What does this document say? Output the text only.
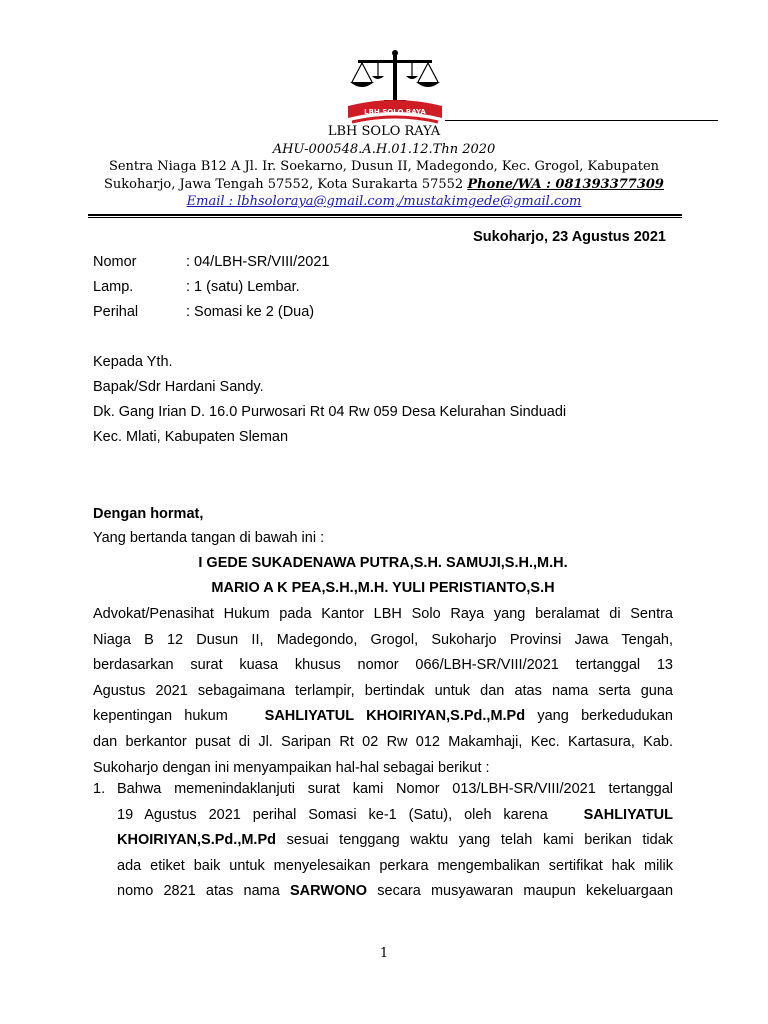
LBH SOLO RAYA
LBH SOLO RAYA
AHU-000548.A.H.01.12.Thn 2020
Sentra Niaga B12 A Jl. Ir. Soekarno, Dusun II, Madegondo, Kec. Grogol, Kabupaten
Sukoharjo, Jawa Tengah 57552, Kota Surakarta 57552 Phone/WA : 081393377309
Email : lbhsoloraya@gmail.com,/mustakimgede@gmail.com
Sukoharjo, 23 Agustus 2021
Nomor	: 04/LBH-SR/VIII/2021
Lamp.	: 1 (satu) Lembar.
Perihal	: Somasi ke 2 (Dua)
Kepada Yth.
Bapak/Sdr Hardani Sandy.
Dk. Gang Irian D. 16.0 Purwosari Rt 04 Rw 059 Desa Kelurahan Sinduadi
Kec. Mlati, Kabupaten Sleman
Dengan hormat,
Yang bertanda tangan di bawah ini :
I GEDE SUKADENAWA PUTRA,S.H. SAMUJI,S.H.,M.H.
MARIO A K PEA,S.H.,M.H. YULI PERISTIANTO,S.H
Advokat/Penasihat Hukum pada Kantor LBH Solo Raya yang beralamat di Sentra
Niaga B 12 Dusun II, Madegondo, Grogol, Sukoharjo Provinsi Jawa Tengah,
berdasarkan surat kuasa khusus nomor 066/LBH-SR/VIII/2021 tertanggal 13
Agustus 2021 sebagaimana terlampir, bertindak untuk dan atas nama serta guna
kepentingan hukum	SAHLIYATUL KHOIRIYAN,S.Pd.,M.Pd yang berkedudukan
dan berkantor pusat di Jl. Saripan Rt 02 Rw 012 Makamhaji, Kec. Kartasura, Kab.
Sukoharjo dengan ini menyampaikan hal-hal sebagai berikut :
1. Bahwa memenindaklanjuti surat kami Nomor 013/LBH-SR/VIII/2021 tertanggal
19 Agustus 2021 perihal Somasi ke-1 (Satu), oleh karena SAHLIYATUL
KHOIRIYAN,S.Pd.,M.Pd sesuai tenggang waktu yang telah kami berikan tidak
ada etiket baik untuk menyelesaikan perkara mengembalikan sertifikat hak milik
nomo 2821 atas nama SARWONO secara musyawaran maupun kekeluargaan
1
